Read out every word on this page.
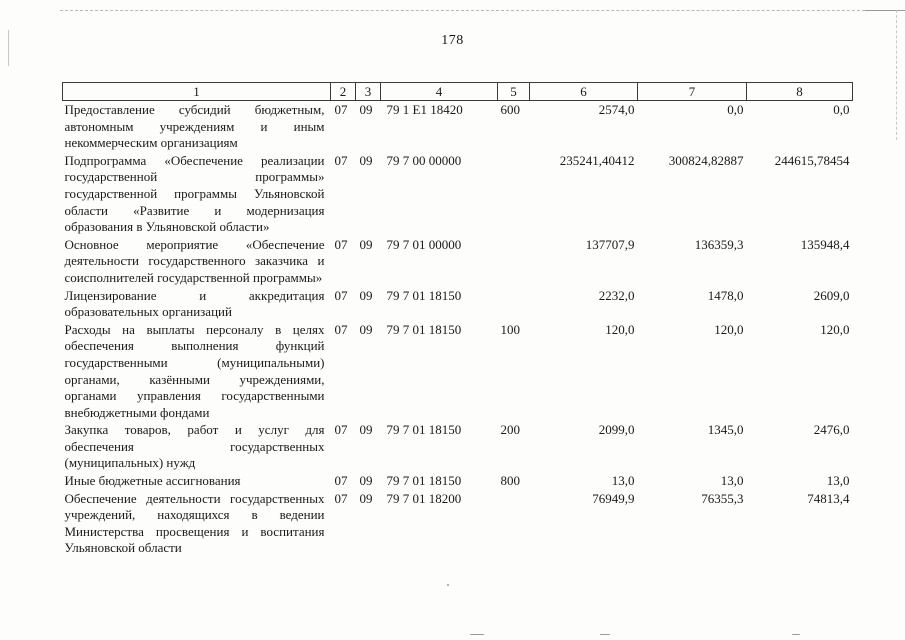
178
1	2	3	4	5	6	7	8
Предоставление субсидий бюджетным, автономным учреждениям и иным некоммерческим организациям	07	09	79 1 E1 18420	600	2574,0	0,0	0,0
Подпрограмма «Обеспечение реализации государственной программы» государственной программы Ульяновской области «Развитие и модернизация образования в Ульяновской области»	07	09	79 7 00 00000		235241,40412	300824,82887	244615,78454
Основное мероприятие «Обеспечение деятельности государственного заказчика и соисполнителей государственной программы»	07	09	79 7 01 00000		137707,9	136359,3	135948,4
Лицензирование и аккредитация образовательных организаций	07	09	79 7 01 18150		2232,0	1478,0	2609,0
Расходы на выплаты персоналу в целях обеспечения выполнения функций государственными (муниципальными) органами, казёнными учреждениями, органами управления государственными внебюджетными фондами	07	09	79 7 01 18150	100	120,0	120,0	120,0
Закупка товаров, работ и услуг для обеспечения государственных (муниципальных) нужд	07	09	79 7 01 18150	200	2099,0	1345,0	2476,0
Иные бюджетные ассигнования	07	09	79 7 01 18150	800	13,0	13,0	13,0
Обеспечение деятельности государственных учреждений, находящихся в ведении Министерства просвещения и воспитания Ульяновской области	07	09	79 7 01 18200		76949,9	76355,3	74813,4
